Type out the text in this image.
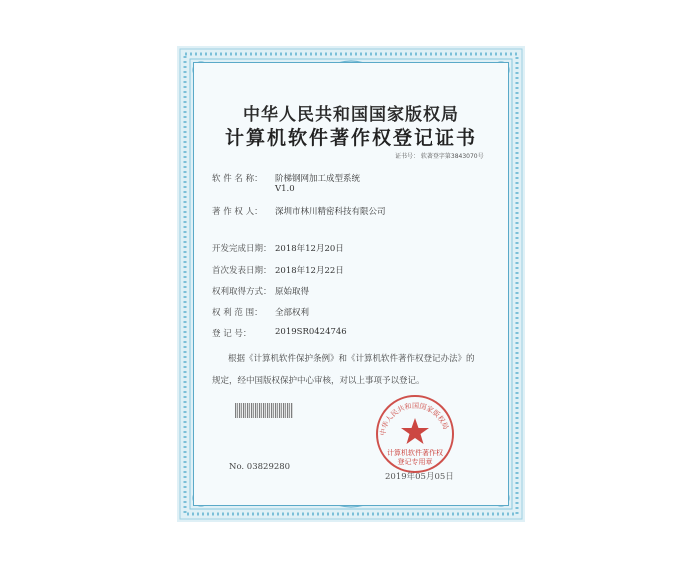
中华人民共和国国家版权局
计算机软件著作权登记证书
证书号： 软著登字第3843070号
软 件 名 称： 阶梯钢网加工成型系统
V1.0
著 作 权 人： 深圳市林川精密科技有限公司
开发完成日期： 2018年12月20日
首次发表日期： 2018年12月22日
权利取得方式： 原始取得
权 利 范 围： 全部权利
登 记 号：	2019SR0424746
根据《计算机软件保护条例》和《计算机软件著作权登记办法》的
规定，经中国版权保护中心审核，对以上事项予以登记。
中华人民共和国国家版权局
计算机软件著作权
登记专用章
No. 03829280
2019年05月05日
